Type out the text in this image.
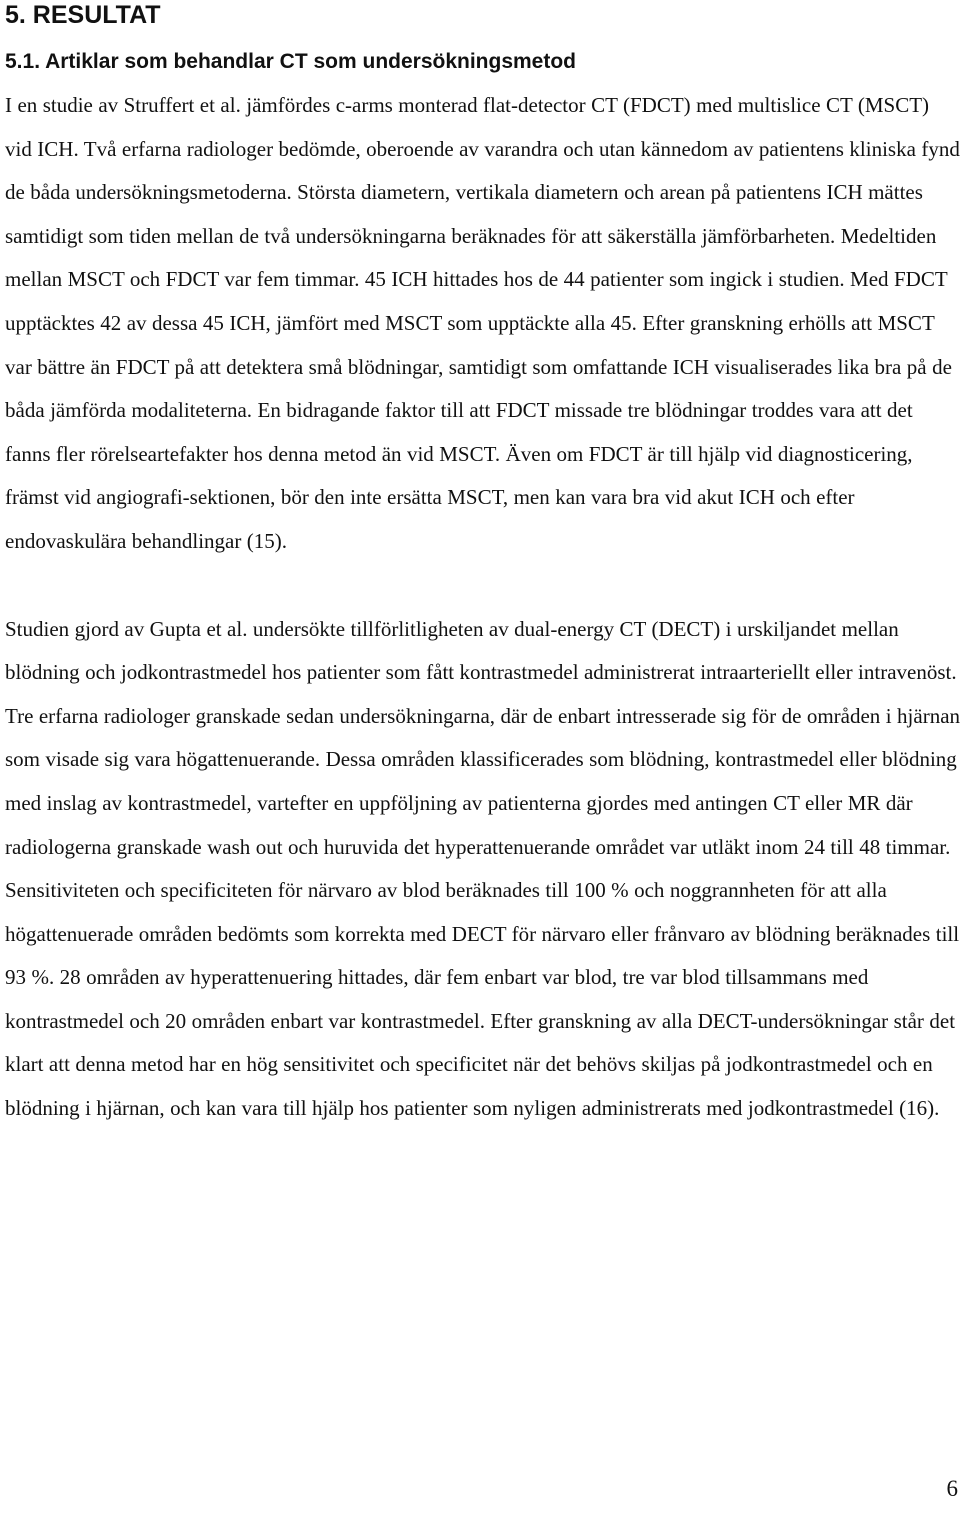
5. RESULTAT
5.1. Artiklar som behandlar CT som undersökningsmetod

I en studie av Struffert et al. jämfördes c-arms monterad flat-detector CT (FDCT) med multislice CT (MSCT) vid ICH. Två erfarna radiologer bedömde, oberoende av varandra och utan kännedom av patientens kliniska fynd de båda undersökningsmetoderna. Största diametern, vertikala diametern och arean på patientens ICH mättes samtidigt som tiden mellan de två undersökningarna beräknades för att säkerställa jämförbarheten. Medeltiden mellan MSCT och FDCT var fem timmar. 45 ICH hittades hos de 44 patienter som ingick i studien. Med FDCT upptäcktes 42 av dessa 45 ICH, jämfört med MSCT som upptäckte alla 45. Efter granskning erhölls att MSCT var bättre än FDCT på att detektera små blödningar, samtidigt som omfattande ICH visualiserades lika bra på de båda jämförda modaliteterna. En bidragande faktor till att FDCT missade tre blödningar troddes vara att det fanns fler rörelseartefakter hos denna metod än vid MSCT. Även om FDCT är till hjälp vid diagnosticering, främst vid angiografi-sektionen, bör den inte ersätta MSCT, men kan vara bra vid akut ICH och efter endovaskulära behandlingar (15).

Studien gjord av Gupta et al. undersökte tillförlitligheten av dual-energy CT (DECT) i urskiljandet mellan blödning och jodkontrastmedel hos patienter som fått kontrastmedel administrerat intraarteriellt eller intravenöst. Tre erfarna radiologer granskade sedan undersökningarna, där de enbart intresserade sig för de områden i hjärnan som visade sig vara högattenuerande. Dessa områden klassificerades som blödning, kontrastmedel eller blödning med inslag av kontrastmedel, vartefter en uppföljning av patienterna gjordes med antingen CT eller MR där radiologerna granskade wash out och huruvida det hyperattenuerande området var utläkt inom 24 till 48 timmar. Sensitiviteten och specificiteten för närvaro av blod beräknades till 100 % och noggrannheten för att alla högattenuerade områden bedömts som korrekta med DECT för närvaro eller frånvaro av blödning beräknades till 93 %. 28 områden av hyperattenuering hittades, där fem enbart var blod, tre var blod tillsammans med kontrastmedel och 20 områden enbart var kontrastmedel. Efter granskning av alla DECT-undersökningar står det klart att denna metod har en hög sensitivitet och specificitet när det behövs skiljas på jodkontrastmedel och en blödning i hjärnan, och kan vara till hjälp hos patienter som nyligen administrerats med jodkontrastmedel (16).

6
